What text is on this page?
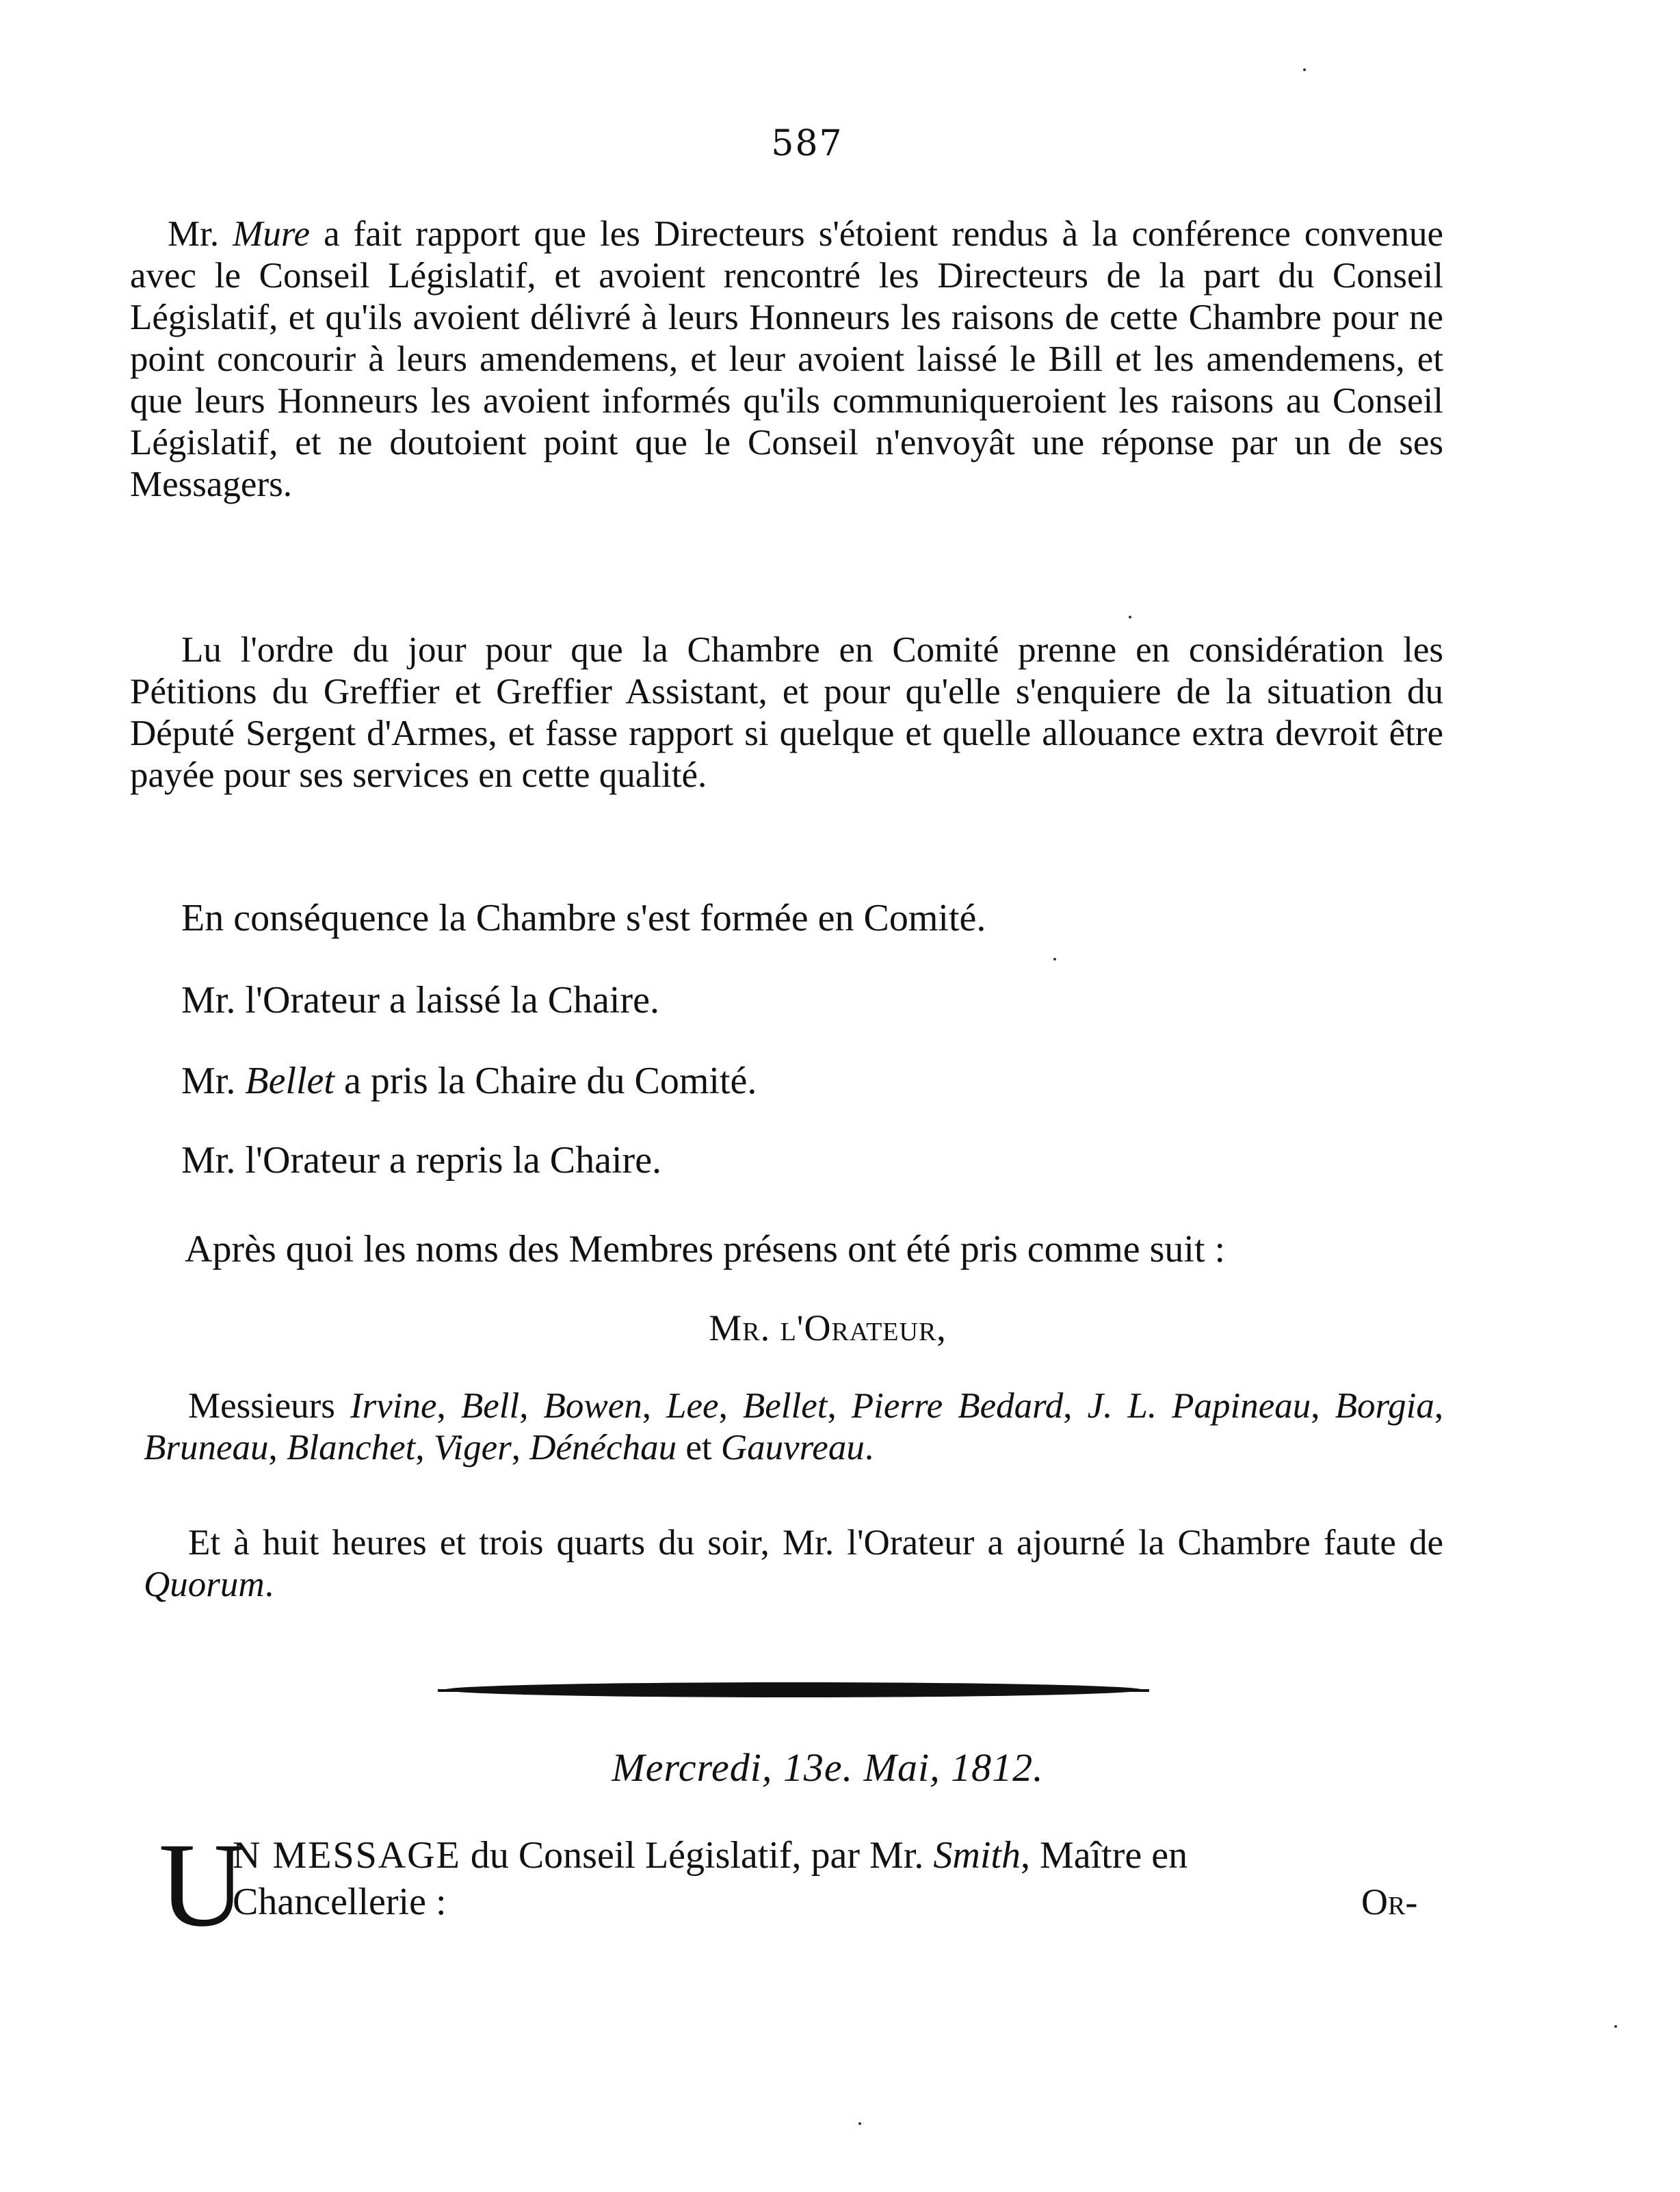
587
Mr. Mure a fait rapport que les Directeurs s'étoient rendus à la conférence convenue avec le Conseil Législatif, et avoient rencontré les Directeurs de la part du Conseil Législatif, et qu'ils avoient délivré à leurs Honneurs les raisons de cette Chambre pour ne point concourir à leurs amendemens, et leur avoient laissé le Bill et les amendemens, et que leurs Honneurs les avoient informés qu'ils communiqueroient les raisons au Conseil Législatif, et ne doutoient point que le Conseil n'envoyât une réponse par un de ses Messagers.
Lu l'ordre du jour pour que la Chambre en Comité prenne en considération les Pétitions du Greffier et Greffier Assistant, et pour qu'elle s'enquiere de la situation du Député Sergent d'Armes, et fasse rapport si quelque et quelle allouance extra devroit être payée pour ses services en cette qualité.
En conséquence la Chambre s'est formée en Comité.
Mr. l'Orateur a laissé la Chaire.
Mr. Bellet a pris la Chaire du Comité.
Mr. l'Orateur a repris la Chaire.
Après quoi les noms des Membres présens ont été pris comme suit :
Mr. l'Orateur,
Messieurs Irvine, Bell, Bowen, Lee, Bellet, Pierre Bedard, J. L. Papineau, Borgia, Bruneau, Blanchet, Viger, Dénéchau et Gauvreau.
Et à huit heures et trois quarts du soir, Mr. l'Orateur a ajourné la Chambre faute de Quorum.
Mercredi, 13e. Mai, 1812.
U
N MESSAGE du Conseil Législatif, par Mr. Smith, Maître en
Chancellerie :	Or-
